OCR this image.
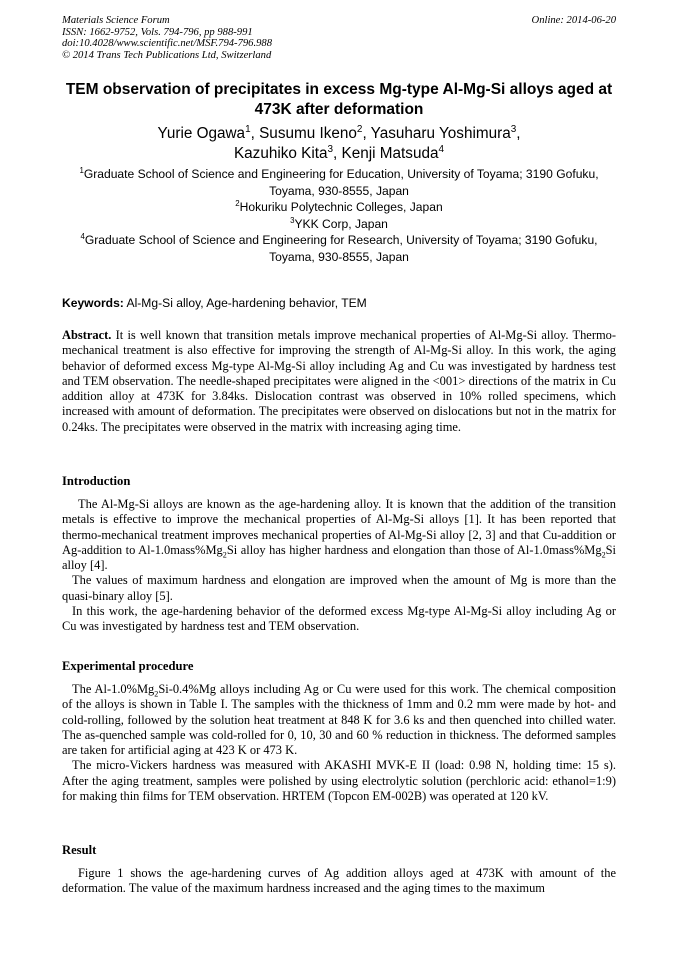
Materials Science Forum
ISSN: 1662-9752, Vols. 794-796, pp 988-991
doi:10.4028/www.scientific.net/MSF.794-796.988
© 2014 Trans Tech Publications Ltd, Switzerland
Online: 2014-06-20
TEM observation of precipitates in excess Mg-type Al-Mg-Si alloys aged at 473K after deformation
Yurie Ogawa$^1$, Susumu Ikeno$^2$, Yasuharu Yoshimura$^3$,
Kazuhiko Kita$^3$, Kenji Matsuda$^4$

$^1$Graduate School of Science and Engineering for Education, University of Toyama; 3190 Gofuku, Toyama, 930-8555, Japan

$^2$Hokuriku Polytechnic Colleges, Japan

$^3$YKK Corp, Japan

$^4$Graduate School of Science and Engineering for Research, University of Toyama; 3190 Gofuku, Toyama, 930-8555, Japan

Keywords: Al-Mg-Si alloy, Age-hardening behavior, TEM

Abstract. It is well known that transition metals improve mechanical properties of Al-Mg-Si alloy. Thermo-mechanical treatment is also effective for improving the strength of Al-Mg-Si alloy. In this work, the aging behavior of deformed excess Mg-type Al-Mg-Si alloy including Ag and Cu was investigated by hardness test and TEM observation. The needle-shaped precipitates were aligned in the <001> directions of the matrix in Cu addition alloy at 473K for 3.84ks. Dislocation contrast was observed in 10% rolled specimens, which increased with amount of deformation. The precipitates were observed on dislocations but not in the matrix for 0.24ks. The precipitates were observed in the matrix with increasing aging time.

Introduction

The Al-Mg-Si alloys are known as the age-hardening alloy. It is known that the addition of the transition metals is effective to improve the mechanical properties of Al-Mg-Si alloys [1]. It has been reported that thermo-mechanical treatment improves mechanical properties of Al-Mg-Si alloy [2, 3] and that Cu-addition or Ag-addition to $Al-1.0mass\%Mg_2Si$ alloy has higher hardness and elongation than those of $Al-1.0mass\%Mg_2Si$ alloy [4].

The values of maximum hardness and elongation are improved when the amount of Mg is more than the quasi-binary alloy [5].

In this work, the age-hardening behavior of the deformed excess Mg-type Al-Mg-Si alloy including Ag or Cu was investigated by hardness test and TEM observation.

Experimental procedure

The $Al-1.0\%Mg_2Si-0.4\%Mg$ alloys including Ag or Cu were used for this work. The chemical composition of the alloys is shown in Table I. The samples with the thickness of 1mm and 0.2 mm were made by hot- and cold-rolling, followed by the solution heat treatment at 848 K for 3.6 ks and then quenched into chilled water. The as-quenched sample was cold-rolled for 0, 10, 30 and 60 % reduction in thickness. The deformed samples are taken for artificial aging at 423 K or 473 K.

The micro-Vickers hardness was measured with AKASHI MVK-E II (load: 0.98 N, holding time: 15 s). After the aging treatment, samples were polished by using electrolytic solution (perchloric acid: ethanol=1:9) for making thin films for TEM observation. HRTEM (Topcon EM-002B) was operated at 120 kV.

Result

Figure 1 shows the age-hardening curves of Ag addition alloys aged at 473K with amount of the deformation. The value of the maximum hardness increased and the aging times to the maximum
